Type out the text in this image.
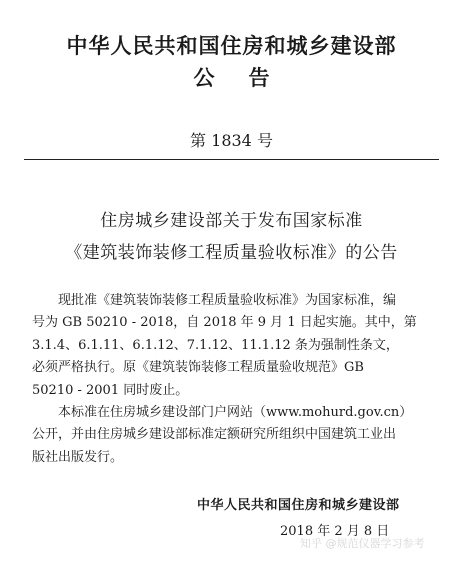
中华人民共和国住房和城乡建设部
公告
第 1834 号
住房城乡建设部关于发布国家标准
《建筑装饰装修工程质量验收标准》的公告
现批准《建筑装饰装修工程质量验收标准》为国家标准，编
号为 GB 50210 - 2018，自 2018 年 9 月 1 日起实施。其中，第
3.1.4、6.1.11、6.1.12、7.1.12、11.1.12 条为强制性条文，
必须严格执行。原《建筑装饰装修工程质量验收规范》GB
50210 - 2001 同时废止。
本标准在住房城乡建设部门户网站（www.mohurd.gov.cn）
公开，并由住房城乡建设部标准定额研究所组织中国建筑工业出
版社出版发行。
中华人民共和国住房和城乡建设部
2018 年 2 月 8 日
知乎 @规范仪器学习参考
